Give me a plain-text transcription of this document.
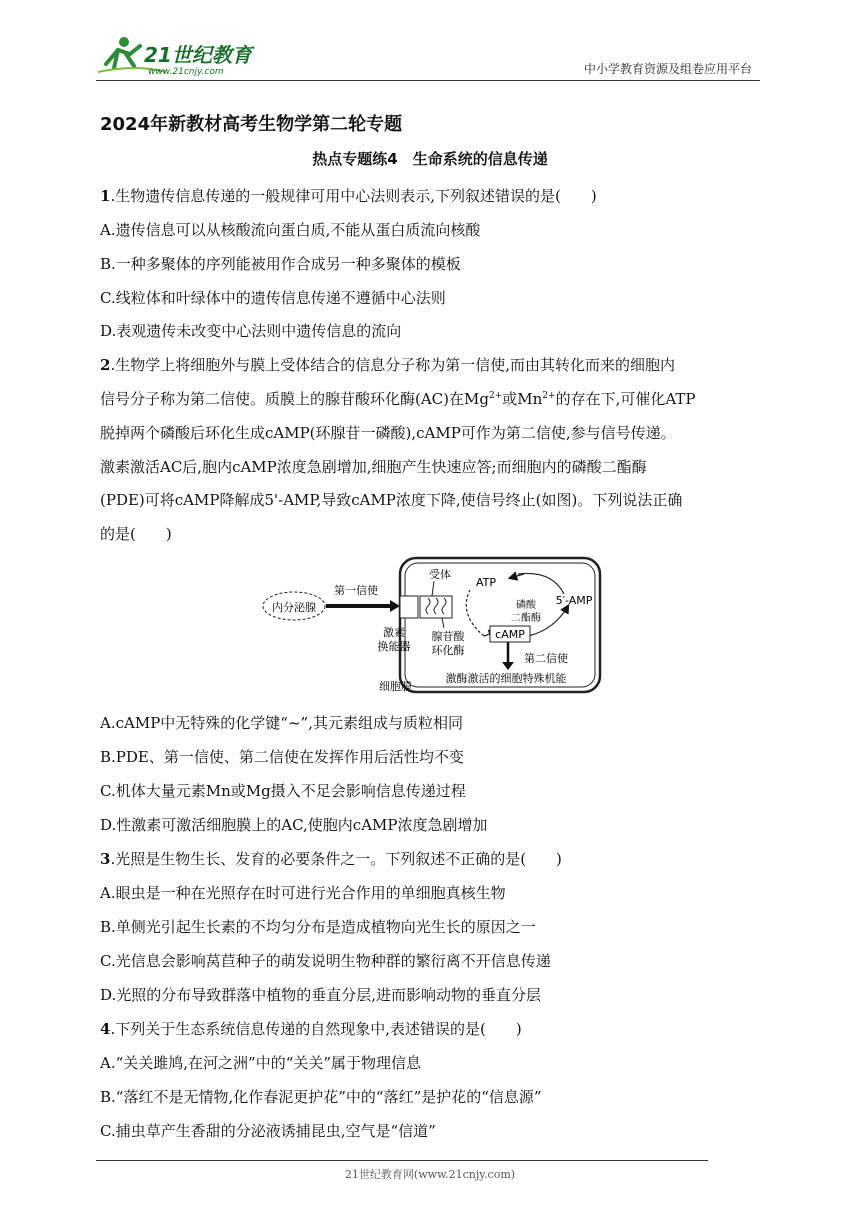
21世纪教育
www.21cnjy.com	中小学教育资源及组卷应用平台
2024年新教材高考生物学第二轮专题
热点专题练4　生命系统的信息传递
1.生物遗传信息传递的一般规律可用中心法则表示,下列叙述错误的是(　　)
A.遗传信息可以从核酸流向蛋白质,不能从蛋白质流向核酸
B.一种多聚体的序列能被用作合成另一种多聚体的模板
C.线粒体和叶绿体中的遗传信息传递不遵循中心法则
D.表观遗传未改变中心法则中遗传信息的流向
2.生物学上将细胞外与膜上受体结合的信息分子称为第一信使,而由其转化而来的细胞内
信号分子称为第二信使。质膜上的腺苷酸环化酶(AC)在$Mg^{2+}$或$Mn^{2+}$的存在下,可催化ATP
脱掉两个磷酸后环化生成cAMP(环腺苷一磷酸),cAMP可作为第二信使,参与信号传递。
激素激活AC后,胞内cAMP浓度急剧增加,细胞产生快速应答;而细胞内的磷酸二酯酶
(PDE)可将cAMP降解成5'-AMP,导致cAMP浓度下降,使信号终止(如图)。下列说法正确
的是(　　)
内分泌腺
第一信使
受体
激素
换能器
腺苷酸
环化酶
ATP
5′-AMP
磷酸
二酯酶
cAMP
第二信使
细胞膜
激酶激活的细胞特殊机能
A.cAMP中无特殊的化学键“~”,其元素组成与质粒相同
B.PDE、第一信使、第二信使在发挥作用后活性均不变
C.机体大量元素Mn或Mg摄入不足会影响信息传递过程
D.性激素可激活细胞膜上的AC,使胞内cAMP浓度急剧增加
3.光照是生物生长、发育的必要条件之一。下列叙述不正确的是(　　)
A.眼虫是一种在光照存在时可进行光合作用的单细胞真核生物
B.单侧光引起生长素的不均匀分布是造成植物向光生长的原因之一
C.光信息会影响莴苣种子的萌发说明生物种群的繁衍离不开信息传递
D.光照的分布导致群落中植物的垂直分层,进而影响动物的垂直分层
4.下列关于生态系统信息传递的自然现象中,表述错误的是(　　)
A.“关关雎鸠,在河之洲”中的“关关”属于物理信息
B.“落红不是无情物,化作春泥更护花”中的“落红”是护花的“信息源”
C.捕虫草产生香甜的分泌液诱捕昆虫,空气是“信道”
21世纪教育网(www.21cnjy.com)
